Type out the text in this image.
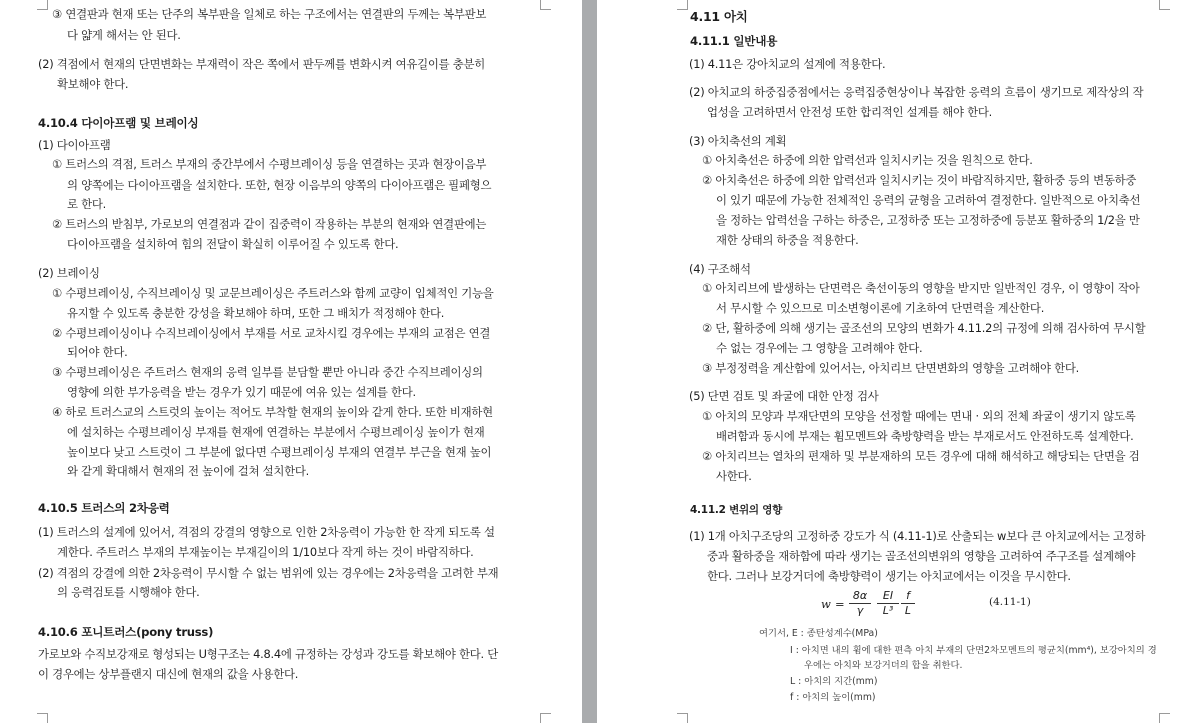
③ 연결판과 현재 또는 단주의 복부판을 일체로 하는 구조에서는 연결판의 두께는 복부판보
다 얇게 해서는 안 된다.
(2) 격점에서 현재의 단면변화는 부재력이 작은 쪽에서 판두께를 변화시켜 여유길이를 충분히
확보해야 한다.
4.10.4 다이아프램 및 브레이싱
(1) 다이아프램
① 트러스의 격점, 트러스 부재의 중간부에서 수평브레이싱 등을 연결하는 곳과 현장이음부
의 양쪽에는 다이아프램을 설치한다. 또한, 현장 이음부의 양쪽의 다이아프램은 필페형으
로 한다.
② 트러스의 받침부, 가로보의 연결점과 같이 집중력이 작용하는 부분의 현재와 연결판에는
다이아프램을 설치하여 힘의 전달이 확실히 이루어질 수 있도록 한다.
(2) 브레이싱
① 수평브레이싱, 수직브레이싱 및 교문브레이싱은 주트러스와 함께 교량이 입체적인 기능을
유지할 수 있도록 충분한 강성을 확보해야 하며, 또한 그 배치가 적정해야 한다.
② 수평브레이싱이나 수직브레이싱에서 부재를 서로 교차시킬 경우에는 부재의 교점은 연결
되어야 한다.
③ 수평브레이싱은 주트러스 현재의 응력 일부를 분담할 뿐만 아니라 중간 수직브레이싱의
영향에 의한 부가응력을 받는 경우가 있기 때문에 여유 있는 설계를 한다.
④ 하로 트러스교의 스트럿의 높이는 적어도 부착할 현재의 높이와 같게 한다. 또한 비재하현
에 설치하는 수평브레이싱 부재를 현재에 연결하는 부분에서 수평브레이싱 높이가 현재
높이보다 낮고 스트럿이 그 부분에 없다면 수평브레이싱 부재의 연결부 부근을 현재 높이
와 같게 확대해서 현재의 전 높이에 걸쳐 설치한다.
4.10.5 트러스의 2차응력
(1) 트러스의 설계에 있어서, 격점의 강결의 영향으로 인한 2차응력이 가능한 한 작게 되도록 설
계한다. 주트러스 부재의 부재높이는 부재길이의 1/10보다 작게 하는 것이 바람직하다.
(2) 격점의 강결에 의한 2차응력이 무시할 수 없는 범위에 있는 경우에는 2차응력을 고려한 부재
의 응력검토를 시행해야 한다.
4.10.6 포니트러스(pony truss)
가로보와 수직보강재로 형성되는 U형구조는 4.8.4에 규정하는 강성과 강도를 확보해야 한다. 단
이 경우에는 상부플랜지 대신에 현재의 값을 사용한다.
4.11 아치
4.11.1 일반내용
(1) 4.11은 강아치교의 설계에 적용한다.
(2) 아치교의 하중집중점에서는 응력집중현상이나 복잡한 응력의 흐름이 생기므로 제작상의 작
업성을 고려하면서 안전성 또한 합리적인 설계를 해야 한다.
(3) 아치축선의 계획
① 아치축선은 하중에 의한 압력선과 일치시키는 것을 원칙으로 한다.
② 아치축선은 하중에 의한 압력선과 일치시키는 것이 바람직하지만, 활하중 등의 변동하중
이 있기 때문에 가능한 전체적인 응력의 균형을 고려하여 결정한다. 일반적으로 아치축선
을 정하는 압력선을 구하는 하중은, 고정하중 또는 고정하중에 등분포 활하중의 1/2을 만
재한 상태의 하중을 적용한다.
(4) 구조해석
① 아치리브에 발생하는 단면력은 축선이동의 영향을 받지만 일반적인 경우, 이 영향이 작아
서 무시할 수 있으므로 미소변형이론에 기초하여 단면력을 계산한다.
② 단, 활하중에 의해 생기는 골조선의 모양의 변화가 4.11.2의 규정에 의해 검사하여 무시할
수 없는 경우에는 그 영향을 고려해야 한다.
③ 부정정력을 계산함에 있어서는, 아치리브 단면변화의 영향을 고려해야 한다.
(5) 단면 검토 및 좌굴에 대한 안정 검사
① 아치의 모양과 부재단면의 모양을 선정할 때에는 면내 · 외의 전체 좌굴이 생기지 않도록
배려함과 동시에 부재는 휨모멘트와 축방향력을 받는 부재로서도 안전하도록 설계한다.
② 아치리브는 열차의 편재하 및 부분재하의 모든 경우에 대해 해석하고 해당되는 단면을 검
사한다.
4.11.2 변위의 영향
(1) 1개 아치구조당의 고정하중 강도가 식 (4.11-1)로 산출되는 w보다 큰 아치교에서는 고정하
중과 활하중을 재하함에 따라 생기는 골조선의변위의 영향을 고려하여 주구조를 설계해야
한다. 그러나 보강거더에 축방향력이 생기는 아치교에서는 이것을 무시한다.
w =
8α
γ
EI
L³
f
L
(4.11-1)
여기서, E : 종탄성계수(MPa)
I : 아치면 내의 휨에 대한 편측 아치 부재의 단면2차모멘트의 평균치(mm⁴), 보강아치의 경
우에는 아치와 보강거더의 합을 취한다.
L : 아치의 지간(mm)
f : 아치의 높이(mm)
